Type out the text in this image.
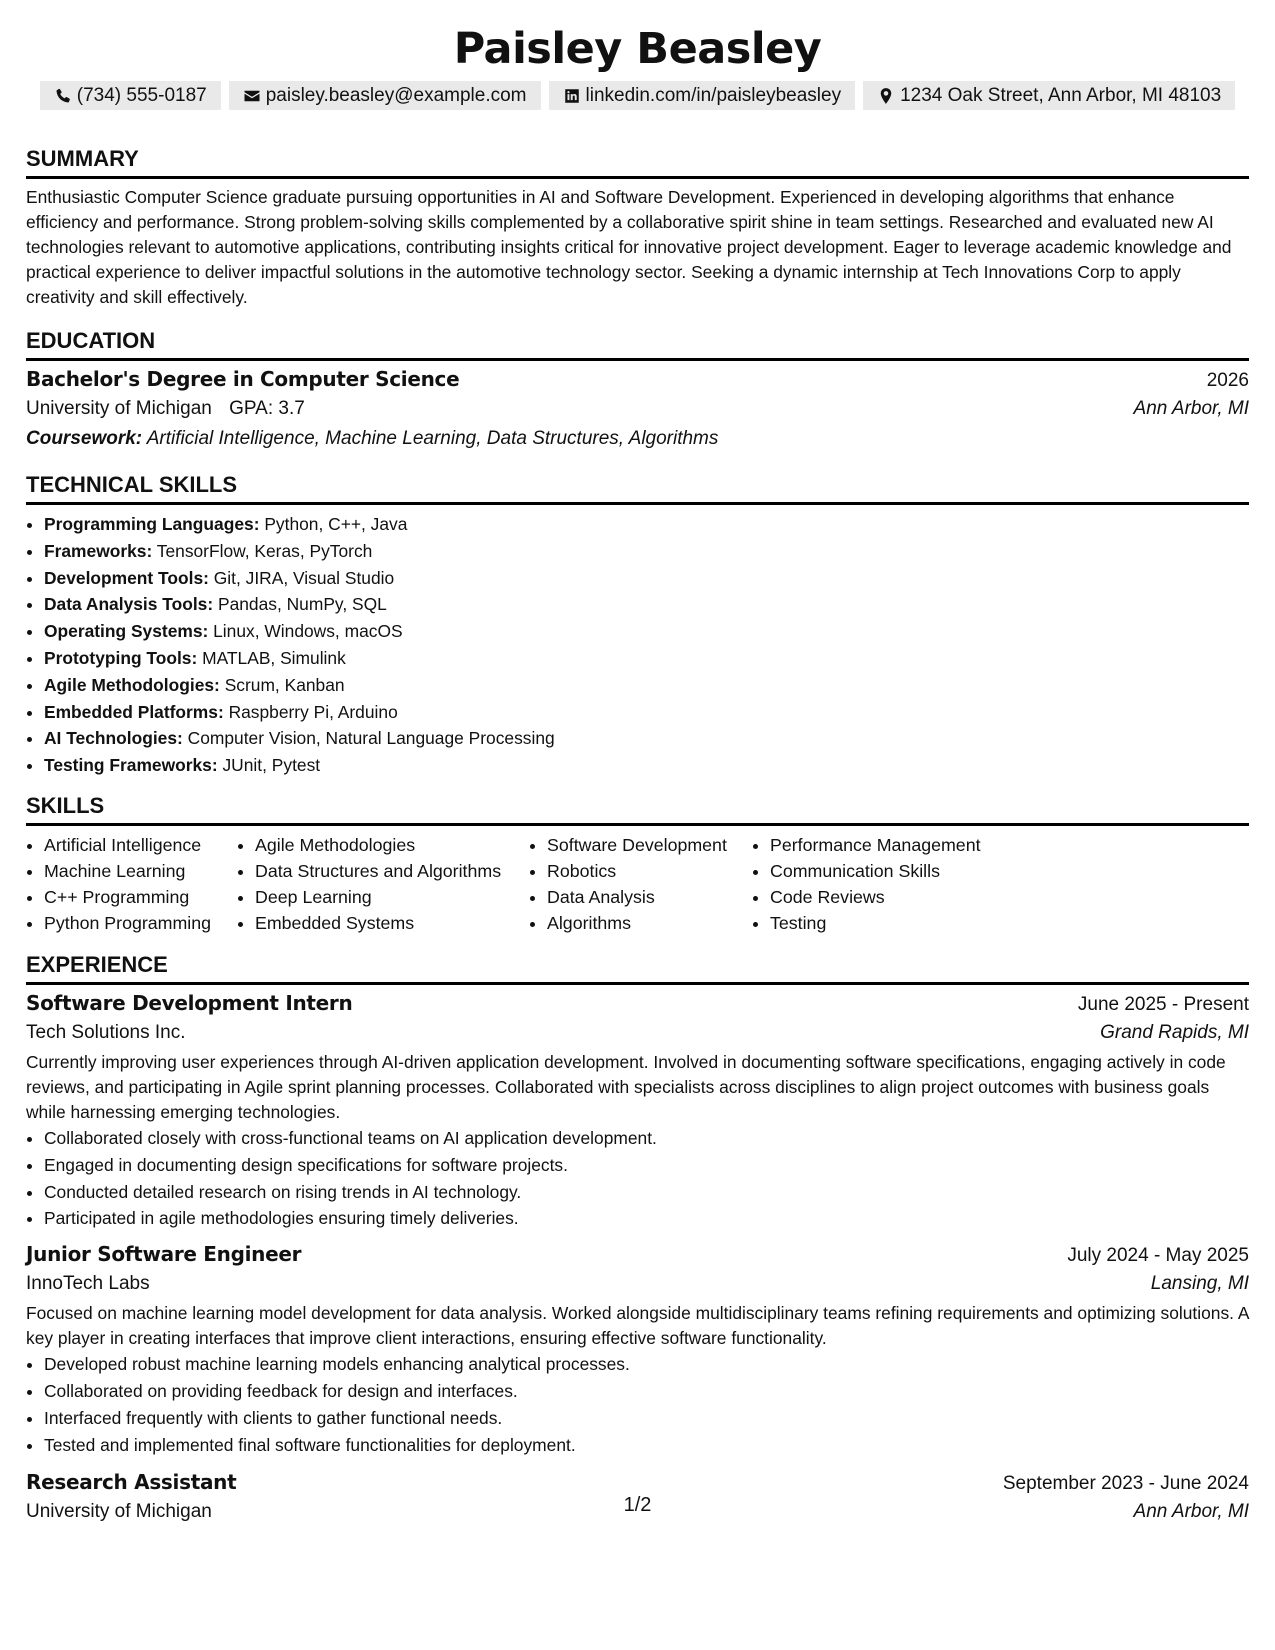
Paisley Beasley
(734) 555-0187	paisley.beasley@example.com	linkedin.com/in/paisleybeasley	1234 Oak Street, Ann Arbor, MI 48103
SUMMARY

Enthusiastic Computer Science graduate pursuing opportunities in AI and Software Development. Experienced in developing algorithms that enhance efficiency and performance. Strong problem-solving skills complemented by a collaborative spirit shine in team settings. Researched and evaluated new AI technologies relevant to automotive applications, contributing insights critical for innovative project development. Eager to leverage academic knowledge and practical experience to deliver impactful solutions in the automotive technology sector. Seeking a dynamic internship at Tech Innovations Corp to apply creativity and skill effectively.

EDUCATION
Bachelor's Degree in Computer Science	2026
University of Michigan GPA: 3.7	Ann Arbor, MI
Coursework: Artificial Intelligence, Machine Learning, Data Structures, Algorithms
TECHNICAL SKILLS
• Programming Languages: Python, C++, Java
• Frameworks: TensorFlow, Keras, PyTorch
• Development Tools: Git, JIRA, Visual Studio
• Data Analysis Tools: Pandas, NumPy, SQL
• Operating Systems: Linux, Windows, macOS
• Prototyping Tools: MATLAB, Simulink
• Agile Methodologies: Scrum, Kanban
• Embedded Platforms: Raspberry Pi, Arduino
• AI Technologies: Computer Vision, Natural Language Processing
• Testing Frameworks: JUnit, Pytest
SKILLS
• Artificial Intelligence
• Machine Learning
• C++ Programming
• Python Programming
• Agile Methodologies
• Data Structures and Algorithms
• Deep Learning
• Embedded Systems
• Software Development
• Robotics
• Data Analysis
• Algorithms
• Performance Management
• Communication Skills
• Code Reviews
• Testing
EXPERIENCE
Software Development Intern	June 2025 - Present
Tech Solutions Inc.	Grand Rapids, MI

Currently improving user experiences through AI-driven application development. Involved in documenting software specifications, engaging actively in code reviews, and participating in Agile sprint planning processes. Collaborated with specialists across disciplines to align project outcomes with business goals while harnessing emerging technologies.

• Collaborated closely with cross-functional teams on AI application development.
• Engaged in documenting design specifications for software projects.
• Conducted detailed research on rising trends in AI technology.
• Participated in agile methodologies ensuring timely deliveries.
Junior Software Engineer	July 2024 - May 2025
InnoTech Labs	Lansing, MI

Focused on machine learning model development for data analysis. Worked alongside multidisciplinary teams refining requirements and optimizing solutions. A key player in creating interfaces that improve client interactions, ensuring effective software functionality.

• Developed robust machine learning models enhancing analytical processes.
• Collaborated on providing feedback for design and interfaces.
• Interfaced frequently with clients to gather functional needs.
• Tested and implemented final software functionalities for deployment.
Research Assistant	September 2023 - June 2024
University of Michigan	Ann Arbor, MI
1/2
